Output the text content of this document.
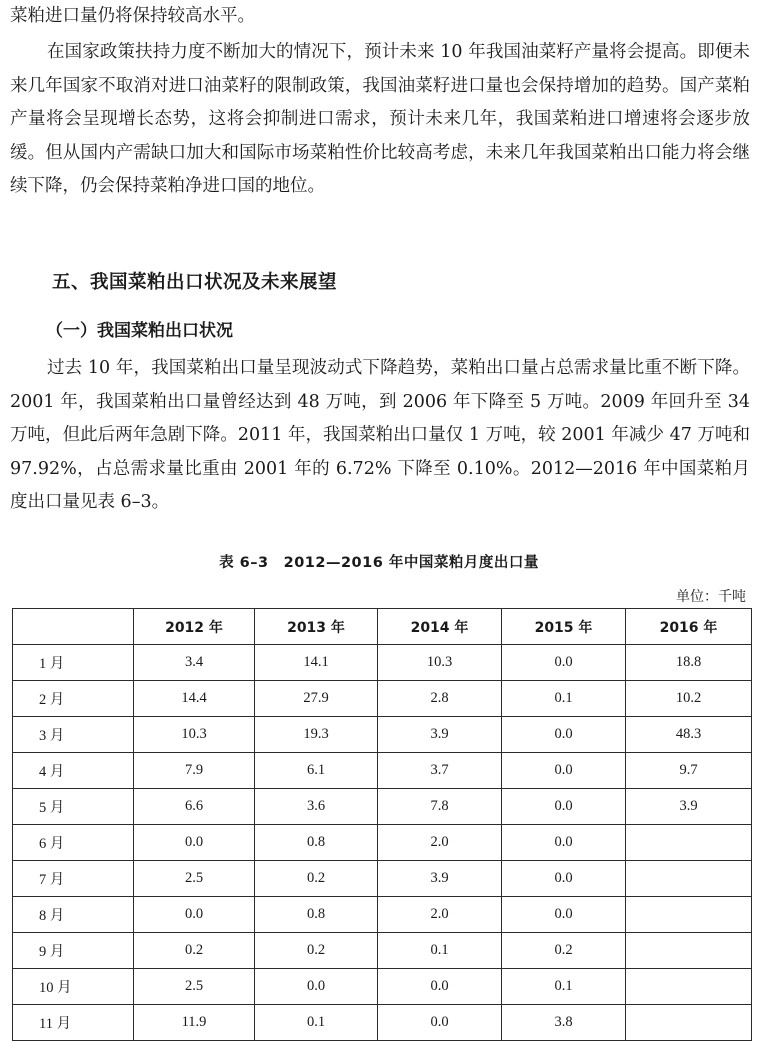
菜粕进口量仍将保持较高水平。

在国家政策扶持力度不断加大的情况下，预计未来 10 年我国油菜籽产量将会提高。即便未来几年国家不取消对进口油菜籽的限制政策，我国油菜籽进口量也会保持增加的趋势。国产菜粕产量将会呈现增长态势，这将会抑制进口需求，预计未来几年，我国菜粕进口增速将会逐步放缓。但从国内产需缺口加大和国际市场菜粕性价比较高考虑，未来几年我国菜粕出口能力将会继续下降，仍会保持菜粕净进口国的地位。

五、我国菜粕出口状况及未来展望
（一）我国菜粕出口状况

过去 10 年，我国菜粕出口量呈现波动式下降趋势，菜粕出口量占总需求量比重不断下降。2001 年，我国菜粕出口量曾经达到 48 万吨，到 2006 年下降至 5 万吨。2009 年回升至 34 万吨，但此后两年急剧下降。2011 年，我国菜粕出口量仅 1 万吨，较 2001 年减少 47 万吨和 97.92%，占总需求量比重由 2001 年的 6.72% 下降至 0.10%。2012—2016 年中国菜粕月度出口量见表 6–3。

表 6–3　2012—2016 年中国菜粕月度出口量
单位：千吨
	2012 年	2013 年	2014 年	2015 年	2016 年
1 月	3.4	14.1	10.3	0.0	18.8
2 月	14.4	27.9	2.8	0.1	10.2
3 月	10.3	19.3	3.9	0.0	48.3
4 月	7.9	6.1	3.7	0.0	9.7
5 月	6.6	3.6	7.8	0.0	3.9
6 月	0.0	0.8	2.0	0.0	
7 月	2.5	0.2	3.9	0.0	
8 月	0.0	0.8	2.0	0.0	
9 月	0.2	0.2	0.1	0.2	
10 月	2.5	0.0	0.0	0.1	
11 月	11.9	0.1	0.0	3.8	
